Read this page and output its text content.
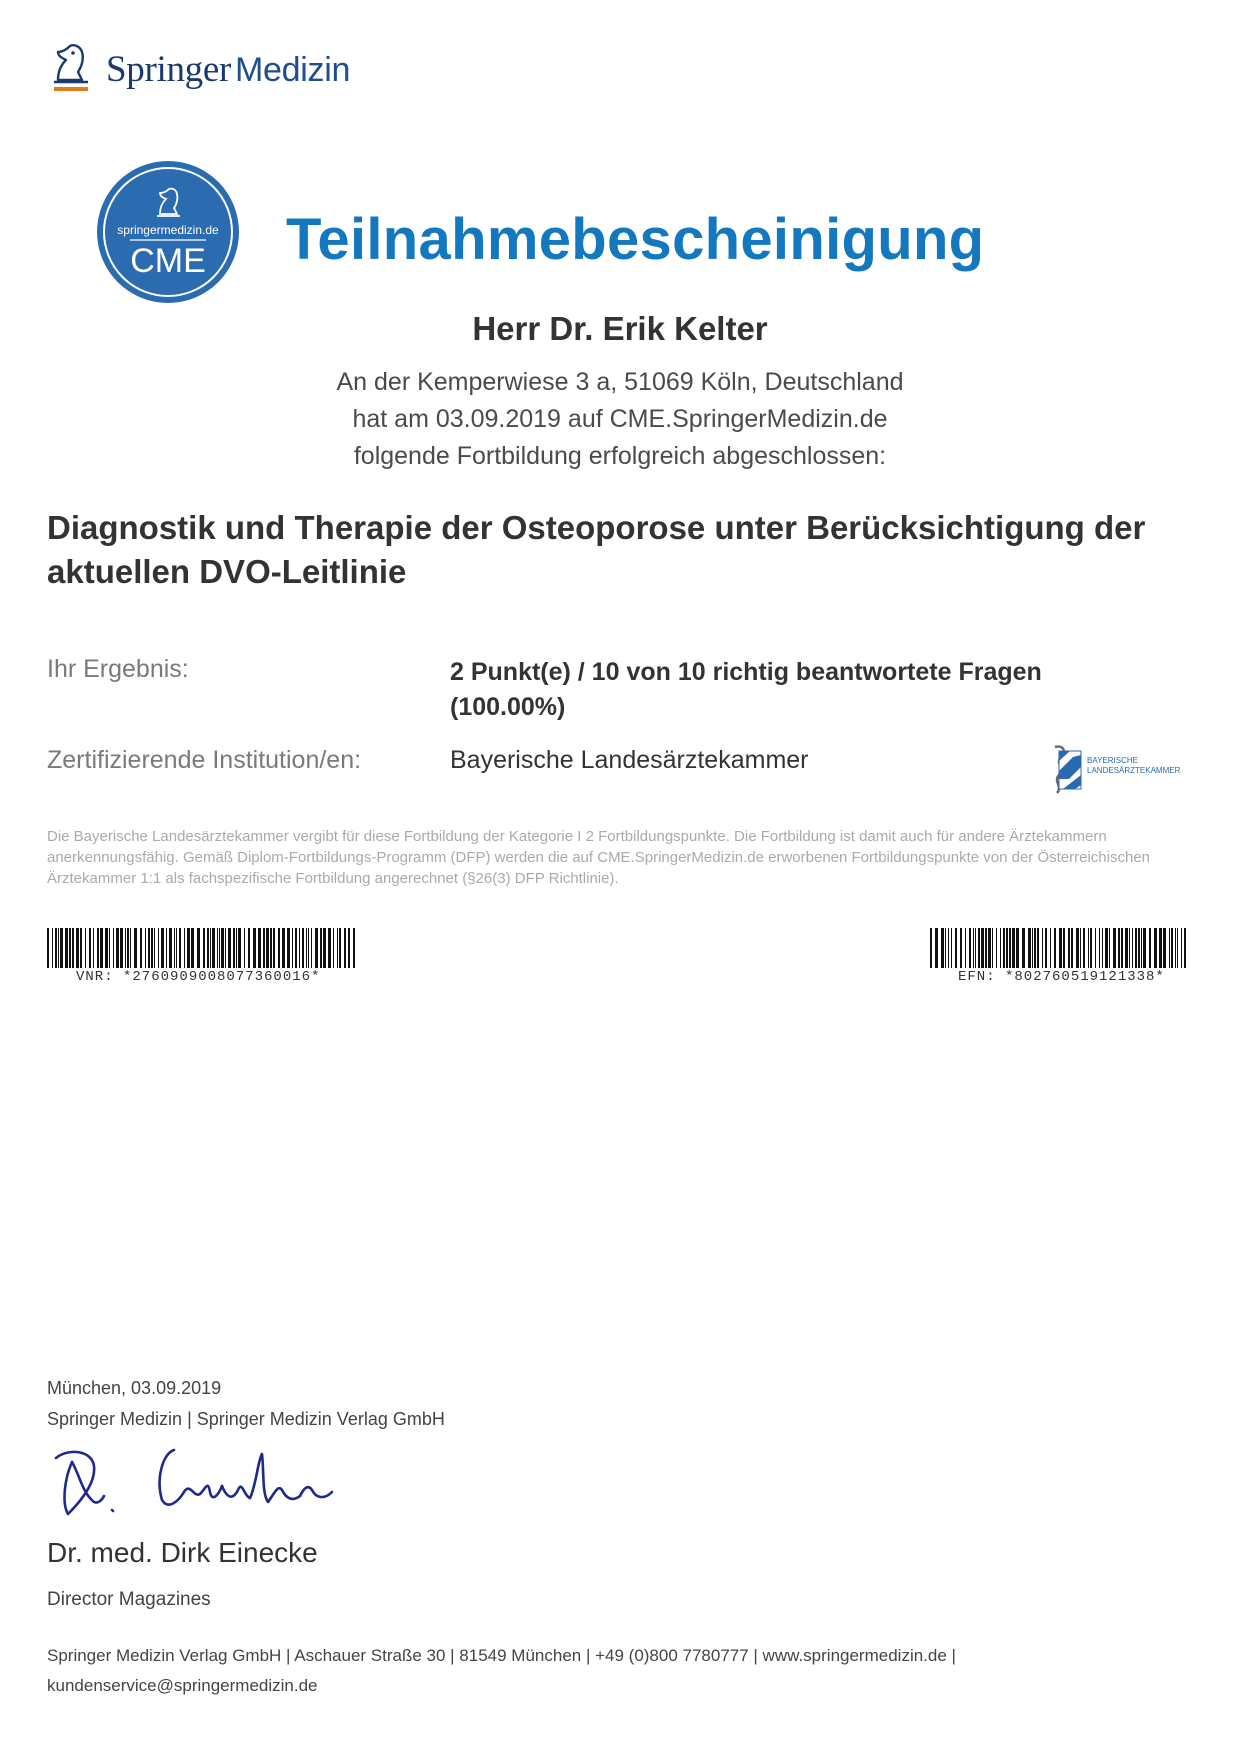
Springer Medizin
springermedizin.de
CME Teilnahmebescheinigung
Herr Dr. Erik Kelter
An der Kemperwiese 3 a, 51069 Köln, Deutschland
hat am 03.09.2019 auf CME.SpringerMedizin.de
folgende Fortbildung erfolgreich abgeschlossen:
Diagnostik und Therapie der Osteoporose unter Berücksichtigung der aktuellen DVO-Leitlinie
Ihr Ergebnis:	2 Punkt(e) / 10 von 10 richtig beantwortete Fragen (100.00%)
Zertifizierende Institution/en:	Bayerische Landesärztekammer	BAYERISCHE
LANDESÄRZTEKAMMER
Die Bayerische Landesärztekammer vergibt für diese Fortbildung der Kategorie I 2 Fortbildungspunkte. Die Fortbildung ist damit auch für andere Ärztekammern anerkennungsfähig. Gemäß Diplom-Fortbildungs-Programm (DFP) werden die auf CME.SpringerMedizin.de erworbenen Fortbildungspunkte von der Österreichischen Ärztekammer 1:1 als fachspezifische Fortbildung angerechnet (§26(3) DFP Richtlinie).
VNR: *2760909008077360016*	EFN: *802760519121338*
München, 03.09.2019
Springer Medizin | Springer Medizin Verlag GmbH
Dr. med. Dirk Einecke
Director Magazines
Springer Medizin Verlag GmbH | Aschauer Straße 30 | 81549 München | +49 (0)800 7780777 | www.springermedizin.de | kundenservice@springermedizin.de
